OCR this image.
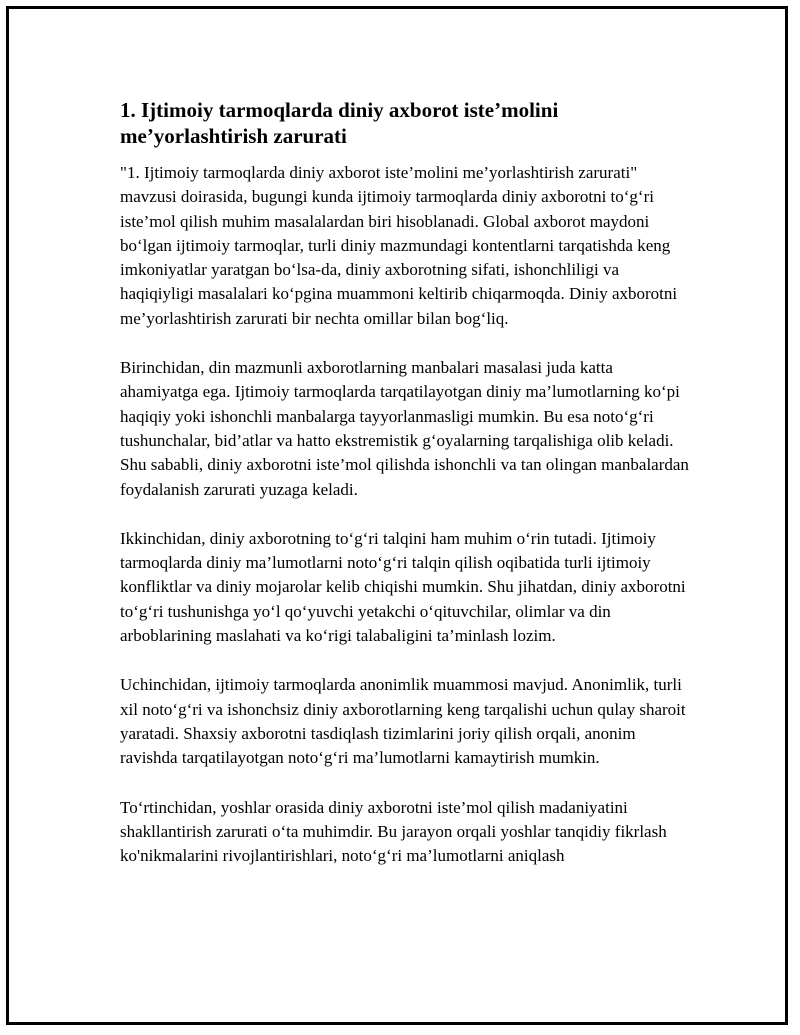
1. Ijtimoiy tarmoqlarda diniy axborot iste’molini me’yorlashtirish zarurati

"1. Ijtimoiy tarmoqlarda diniy axborot iste’molini me’yorlashtirish zarurati" mavzusi doirasida, bugungi kunda ijtimoiy tarmoqlarda diniy axborotni to‘g‘ri iste’mol qilish muhim masalalardan biri hisoblanadi. Global axborot maydoni bo‘lgan ijtimoiy tarmoqlar, turli diniy mazmundagi kontentlarni tarqatishda keng imkoniyatlar yaratgan bo‘lsa-da, diniy axborotning sifati, ishonchliligi va haqiqiyligi masalalari ko‘pgina muammoni keltirib chiqarmoqda. Diniy axborotni me’yorlashtirish zarurati bir nechta omillar bilan bog‘liq.

Birinchidan, din mazmunli axborotlarning manbalari masalasi juda katta ahamiyatga ega. Ijtimoiy tarmoqlarda tarqatilayotgan diniy ma’lumotlarning ko‘pi haqiqiy yoki ishonchli manbalarga tayyorlanmasligi mumkin. Bu esa noto‘g‘ri tushunchalar, bid’atlar va hatto ekstremistik g‘oyalarning tarqalishiga olib keladi. Shu sababli, diniy axborotni iste’mol qilishda ishonchli va tan olingan manbalardan foydalanish zarurati yuzaga keladi.

Ikkinchidan, diniy axborotning to‘g‘ri talqini ham muhim o‘rin tutadi. Ijtimoiy tarmoqlarda diniy ma’lumotlarni noto‘g‘ri talqin qilish oqibatida turli ijtimoiy konfliktlar va diniy mojarolar kelib chiqishi mumkin. Shu jihatdan, diniy axborotni to‘g‘ri tushunishga yo‘l qo‘yuvchi yetakchi o‘qituvchilar, olimlar va din arboblarining maslahati va ko‘rigi talabaligini ta’minlash lozim.

Uchinchidan, ijtimoiy tarmoqlarda anonimlik muammosi mavjud. Anonimlik, turli xil noto‘g‘ri va ishonchsiz diniy axborotlarning keng tarqalishi uchun qulay sharoit yaratadi. Shaxsiy axborotni tasdiqlash tizimlarini joriy qilish orqali, anonim ravishda tarqatilayotgan noto‘g‘ri ma’lumotlarni kamaytirish mumkin.

To‘rtinchidan, yoshlar orasida diniy axborotni iste’mol qilish madaniyatini shakllantirish zarurati o‘ta muhimdir. Bu jarayon orqali yoshlar tanqidiy fikrlash ko'nikmalarini rivojlantirishlari, noto‘g‘ri ma’lumotlarni aniqlash
